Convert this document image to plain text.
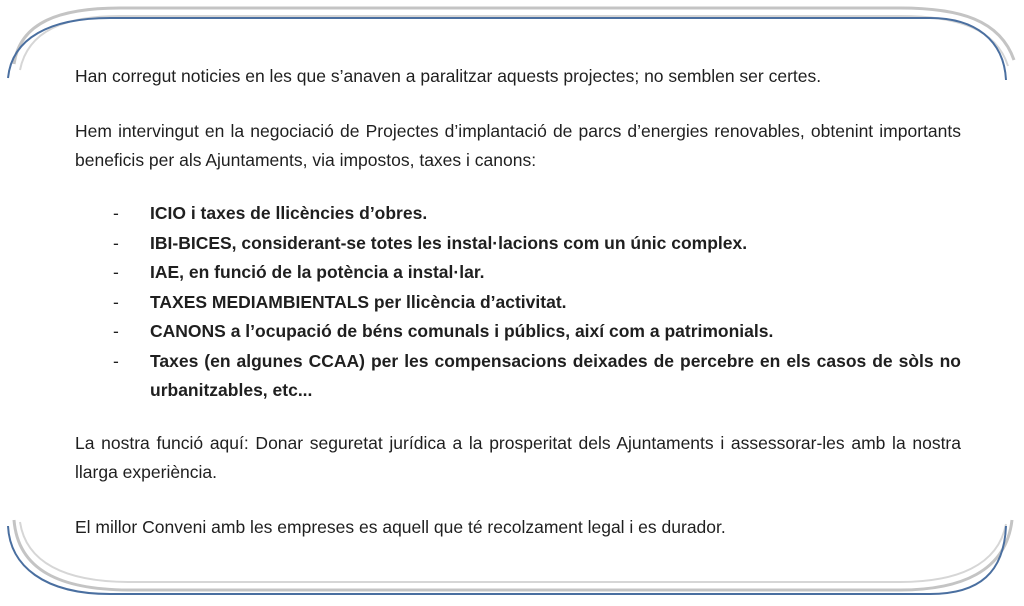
Han corregut noticies en les que s’anaven a paralitzar aquests projectes; no semblen ser certes.

Hem intervingut en la negociació de Projectes d’implantació de parcs d’energies renovables, obtenint importants beneficis per als Ajuntaments, via impostos, taxes i canons:

- ICIO i taxes de llicències d’obres.
- IBI-BICES, considerant-se totes les instal·lacions com un únic complex.
- IAE, en funció de la potència a instal·lar.
- TAXES MEDIAMBIENTALS per llicència d’activitat.
- CANONS a l’ocupació de béns comunals i públics, així com a patrimonials.
- Taxes (en algunes CCAA) per les compensacions deixades de percebre en els casos de sòls no urbanitzables, etc...

La nostra funció aquí: Donar seguretat jurídica a la prosperitat dels Ajuntaments i assessorar-les amb la nostra llarga experiència.

El millor Conveni amb les empreses es aquell que té recolzament legal i es durador.
